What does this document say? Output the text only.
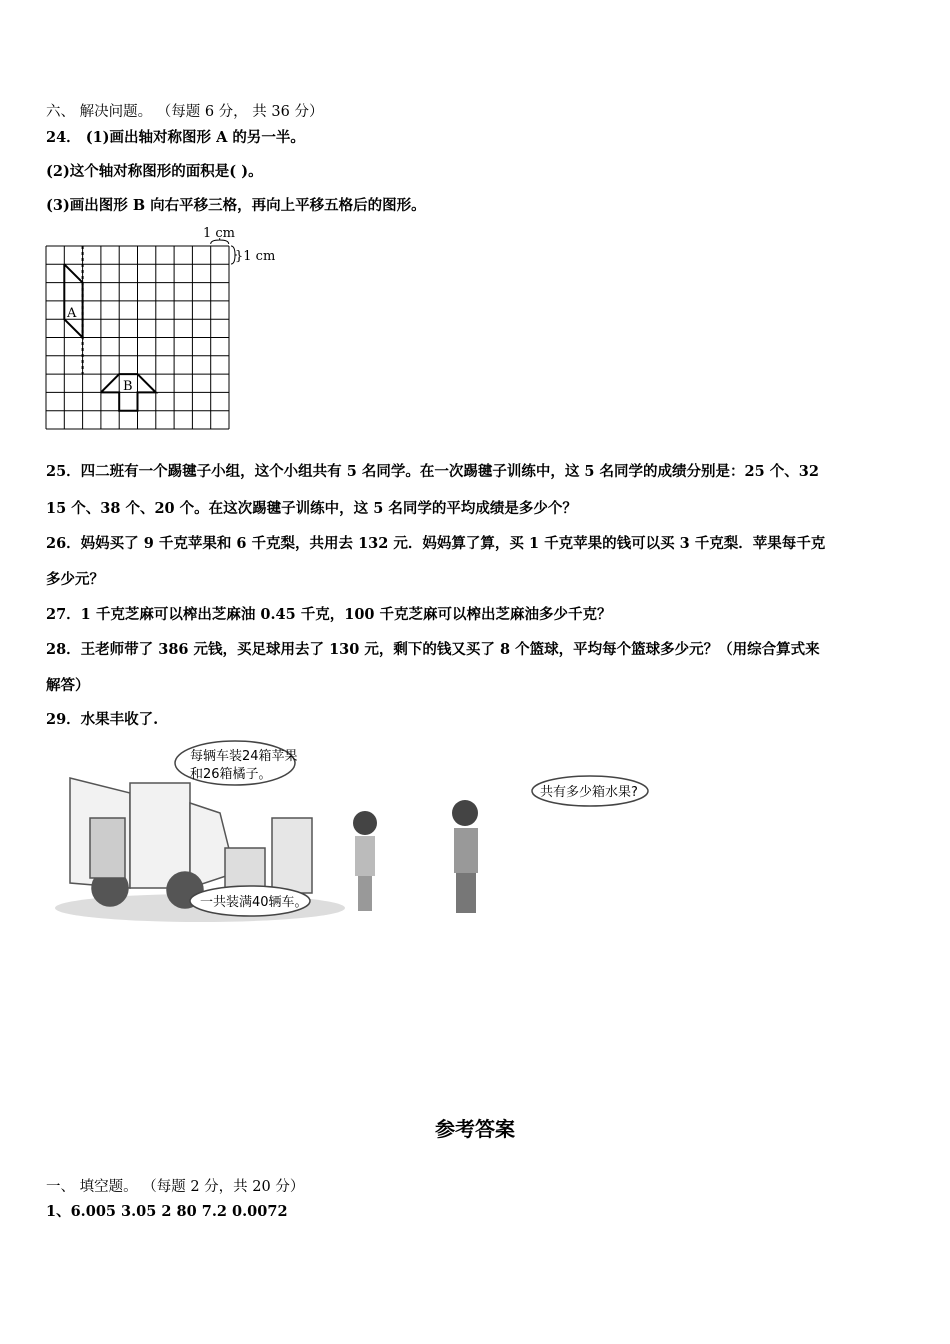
六、 解决问题。 （每题 6 分， 共 36 分）
24． (1)画出轴对称图形 A 的另一半。
(2)这个轴对称图形的面积是( )。
(3)画出图形 B 向右平移三格，再向上平移五格后的图形。
1 cm
}1 cm
A
B
25．四二班有一个踢毽子小组，这个小组共有 5 名同学。在一次踢毽子训练中，这 5 名同学的成绩分别是：25 个、32
15 个、38 个、20 个。在这次踢毽子训练中，这 5 名同学的平均成绩是多少个？
26．妈妈买了 9 千克苹果和 6 千克梨，共用去 132 元．妈妈算了算，买 1 千克苹果的钱可以买 3 千克梨．苹果每千克
多少元？
27．1 千克芝麻可以榨出芝麻油 0.45 千克，100 千克芝麻可以榨出芝麻油多少千克？
28．王老师带了 386 元钱，买足球用去了 130 元，剩下的钱又买了 8 个篮球，平均每个篮球多少元？（用综合算式来
解答）
29．水果丰收了.
每辆车装24箱苹果
和26箱橘子。
共有多少箱水果?
一共装满40辆车。
参考答案
一、 填空题。 （每题 2 分，共 20 分）
1、6.005 3.05 2 80 7.2 0.0072
